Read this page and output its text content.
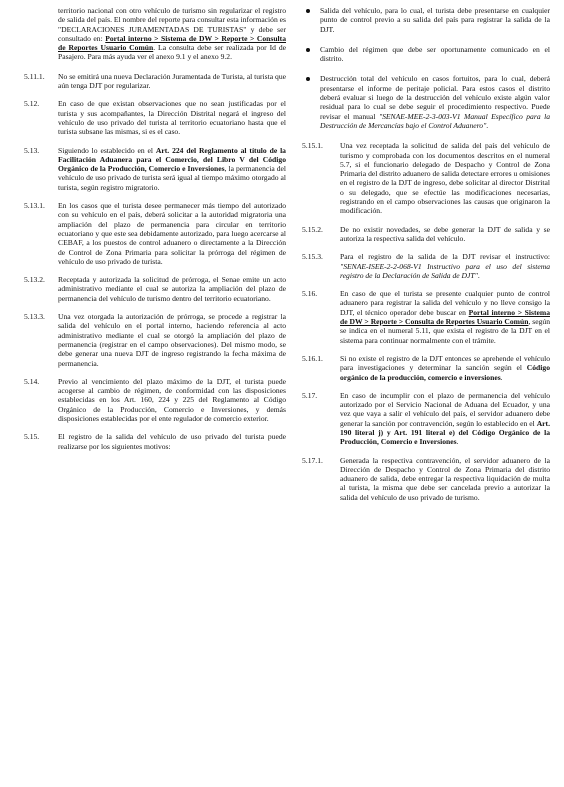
territorio nacional con otro vehículo de turismo sin regularizar el registro de salida del país. El nombre del reporte para consultar esta información es "DECLARACIONES JURAMENTADAS DE TURISTAS" y debe ser consultado en: Portal interno > Sistema de DW > Reporte > Consulta de Reportes Usuario Común. La consulta debe ser realizada por Id de Pasajero. Para más ayuda ver el anexo 9.1 y el anexo 9.2.
5.11.1.	No se emitirá una nueva Declaración Juramentada de Turista, al turista que aún tenga DJT por regularizar.
5.12.	En caso de que existan observaciones que no sean justificadas por el turista y sus acompañantes, la Dirección Distrital negará el ingreso del vehículo de uso privado del turista al territorio ecuatoriano hasta que el turista subsane las mismas, si es el caso.
5.13.	Siguiendo lo establecido en el Art. 224 del Reglamento al título de la Facilitación Aduanera para el Comercio, del Libro V del Código Orgánico de la Producción, Comercio e Inversiones, la permanencia del vehículo de uso privado de turista será igual al tiempo máximo otorgado al turista, según registro migratorio.
5.13.1.	En los casos que el turista desee permanecer más tiempo del autorizado con su vehículo en el país, deberá solicitar a la autoridad migratoria una ampliación del plazo de permanencia para circular en territorio ecuatoriano y que este sea debidamente autorizado, para luego acercarse al CEBAF, a los puestos de control aduanero o directamente a la Dirección de Control de Zona Primaria para solicitar la prórroga del régimen de vehículo de uso privado de turista.
5.13.2.	Receptada y autorizada la solicitud de prórroga, el Senae emite un acto administrativo mediante el cual se autoriza la ampliación del plazo de permanencia del vehículo de turismo dentro del territorio ecuatoriano.
5.13.3.	Una vez otorgada la autorización de prórroga, se procede a registrar la salida del vehículo en el portal interno, haciendo referencia al acto administrativo mediante el cual se otorgó la ampliación del plazo de permanencia (registrar en el campo observaciones). Del mismo modo, se debe generar una nueva DJT de ingreso registrando la fecha máxima de permanencia.
5.14.	Previo al vencimiento del plazo máximo de la DJT, el turista puede acogerse al cambio de régimen, de conformidad con las disposiciones establecidas en los Art. 160, 224 y 225 del Reglamento al Código Orgánico de la Producción, Comercio e Inversiones, y demás disposiciones establecidas por el ente regulador de comercio exterior.
5.15.	El registro de la salida del vehículo de uso privado del turista puede realizarse por los siguientes motivos:
Salida del vehículo, para lo cual, el turista debe presentarse en cualquier punto de control previo a su salida del país para registrar la salida de la DJT.
Cambio del régimen que debe ser oportunamente comunicado en el distrito.
Destrucción total del vehículo en casos fortuitos, para lo cual, deberá presentarse el informe de peritaje policial. Para estos casos el distrito deberá evaluar si luego de la destrucción del vehículo existe algún valor residual para lo cual se debe seguir el procedimiento respectivo. Puede revisar el manual "SENAE-MEE-2-3-003-V1 Manual Específico para la Destrucción de Mercancías bajo el Control Aduanero".
5.15.1.	Una vez receptada la solicitud de salida del país del vehículo de turismo y comprobada con los documentos descritos en el numeral 5.7, si el funcionario delegado de Despacho y Control de Zona Primaria del distrito aduanero de salida detectare errores u omisiones en el registro de la DJT de ingreso, debe solicitar al director Distrital o su delegado, que se efectúe las modificaciones necesarias, registrando en el campo observaciones las causas que originaron la modificación.
5.15.2.	De no existir novedades, se debe generar la DJT de salida y se autoriza la respectiva salida del vehículo.
5.15.3.	Para el registro de la salida de la DJT revisar el instructivo: "SENAE-ISEE-2-2-068-V1 Instructivo para el uso del sistema registro de la Declaración de Salida de DJT".
5.16.	En caso de que el turista se presente cualquier punto de control aduanero para registrar la salida del vehículo y no lleve consigo la DJT, el técnico operador debe buscar en Portal interno > Sistema de DW > Reporte > Consulta de Reportes Usuario Común, según se indica en el numeral 5.11, que exista el registro de la DJT en el sistema para continuar normalmente con el trámite.
5.16.1.	Si no existe el registro de la DJT entonces se aprehende el vehículo para investigaciones y determinar la sanción según el Código orgánico de la producción, comercio e inversiones.
5.17.	En caso de incumplir con el plazo de permanencia del vehículo autorizado por el Servicio Nacional de Aduana del Ecuador, y una vez que vaya a salir el vehículo del país, el servidor aduanero debe generar la sanción por contravención, según lo establecido en el Art. 190 literal j) y Art. 191 literal e) del Código Orgánico de la Producción, Comercio e Inversiones.
5.17.1.	Generada la respectiva contravención, el servidor aduanero de la Dirección de Despacho y Control de Zona Primaria del distrito aduanero de salida, debe entregar la respectiva liquidación de multa al turista, la misma que debe ser cancelada previo a autorizar la salida del vehículo de uso privado de turismo.
